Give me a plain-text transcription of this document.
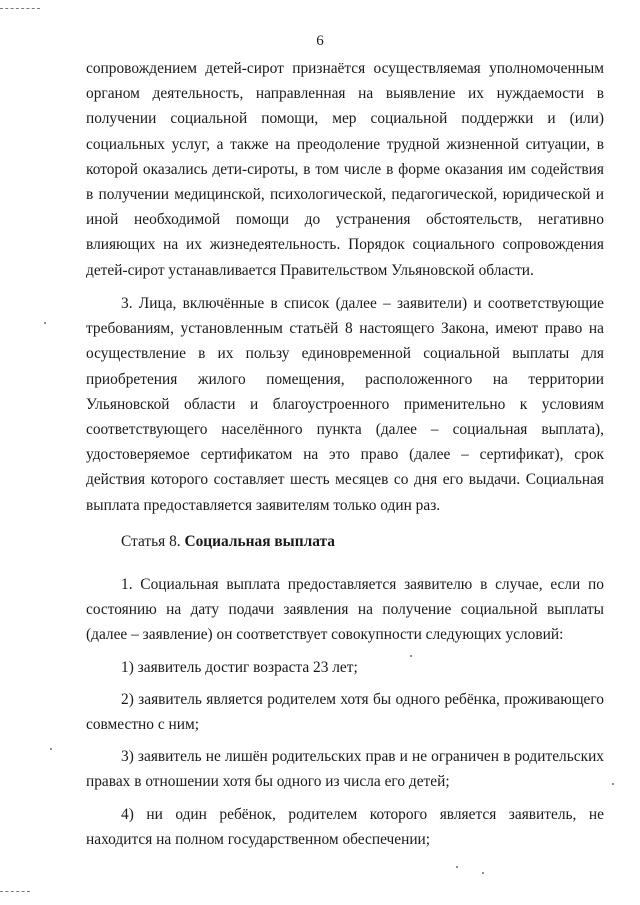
6

сопровождением детей-сирот признаётся осуществляемая уполномоченным органом деятельность, направленная на выявление их нуждаемости в получении социальной помощи, мер социальной поддержки и (или) социальных услуг, а также на преодоление трудной жизненной ситуации, в которой оказались дети-сироты, в том числе в форме оказания им содействия в получении медицинской, психологической, педагогической, юридической и иной необходимой помощи до устранения обстоятельств, негативно влияющих на их жизнедеятельность. Порядок социального сопровождения детей-сирот устанавливается Правительством Ульяновской области.

3. Лица, включённые в список (далее – заявители) и соответствующие требованиям, установленным статьёй 8 настоящего Закона, имеют право на осуществление в их пользу единовременной социальной выплаты для приобретения жилого помещения, расположенного на территории Ульяновской области и благоустроенного применительно к условиям соответствующего населённого пункта (далее – социальная выплата), удостоверяемое сертификатом на это право (далее – сертификат), срок действия которого составляет шесть месяцев со дня его выдачи. Социальная выплата предоставляется заявителям только один раз.

Статья 8. Социальная выплата

1. Социальная выплата предоставляется заявителю в случае, если по состоянию на дату подачи заявления на получение социальной выплаты (далее – заявление) он соответствует совокупности следующих условий:

1) заявитель достиг возраста 23 лет;

2) заявитель является родителем хотя бы одного ребёнка, проживающего совместно с ним;

3) заявитель не лишён родительских прав и не ограничен в родительских правах в отношении хотя бы одного из числа его детей;

4) ни один ребёнок, родителем которого является заявитель, не находится на полном государственном обеспечении;
